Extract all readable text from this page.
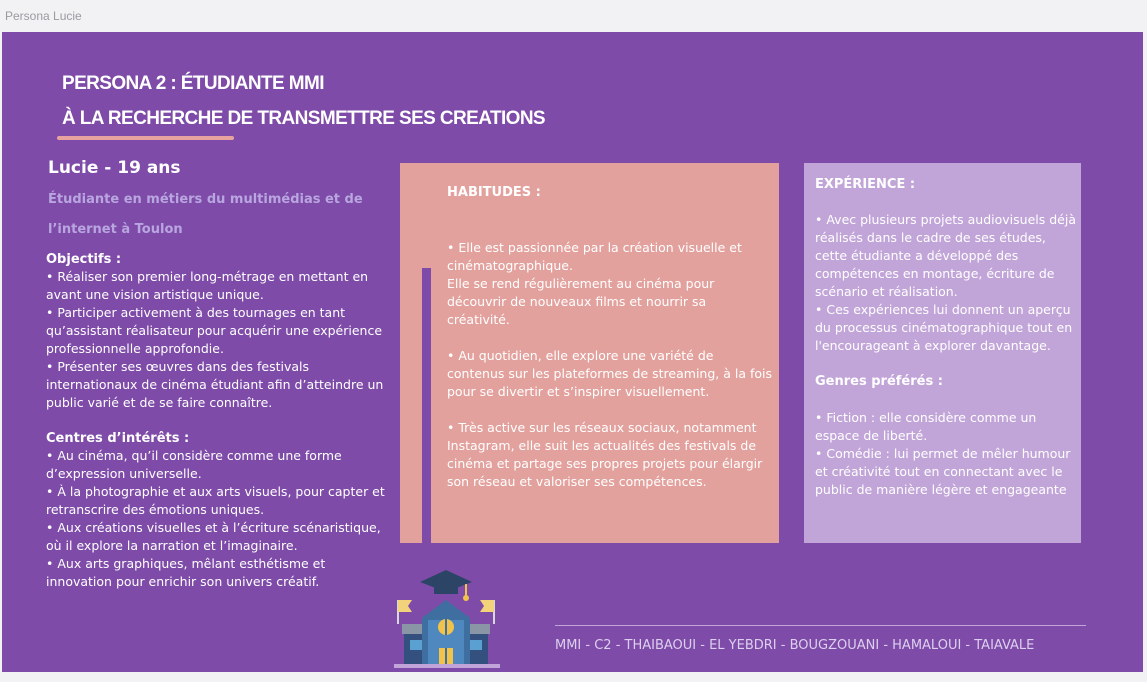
Persona Lucie
PERSONA 2 : ÉTUDIANTE MMI
À LA RECHERCHE DE TRANSMETTRE SES CREATIONS
Lucie - 19 ans
Étudiante en métiers du multimédias et de
l’internet à Toulon
Objectifs :
• Réaliser son premier long-métrage en mettant en avant une vision artistique unique.
• Participer activement à des tournages en tant qu’assistant réalisateur pour acquérir une expérience professionnelle approfondie.
• Présenter ses œuvres dans des festivals internationaux de cinéma étudiant afin d’atteindre un public varié et de se faire connaître.
Centres d’intérêts :
• Au cinéma, qu’il considère comme une forme d’expression universelle.
• À la photographie et aux arts visuels, pour capter et retranscrire des émotions uniques.
• Aux créations visuelles et à l’écriture scénaristique, où il explore la narration et l’imaginaire.
• Aux arts graphiques, mêlant esthétisme et innovation pour enrichir son univers créatif.
HABITUDES :
• Elle est passionnée par la création visuelle et cinématographique.
Elle se rend régulièrement au cinéma pour découvrir de nouveaux films et nourrir sa créativité.
• Au quotidien, elle explore une variété de contenus sur les plateformes de streaming, à la fois pour se divertir et s’inspirer visuellement.
• Très active sur les réseaux sociaux, notamment Instagram, elle suit les actualités des festivals de cinéma et partage ses propres projets pour élargir son réseau et valoriser ses compétences.
EXPÉRIENCE :
• Avec plusieurs projets audiovisuels déjà réalisés dans le cadre de ses études, cette étudiante a développé des compétences en montage, écriture de scénario et réalisation.
• Ces expériences lui donnent un aperçu du processus cinématographique tout en l'encourageant à explorer davantage.
Genres préférés :
• Fiction : elle considère comme un espace de liberté.
• Comédie : lui permet de mêler humour et créativité tout en connectant avec le public de manière légère et engageante
MMI - C2 - THAIBAOUI - EL YEBDRI - BOUGZOUANI - HAMALOUI - TAIAVALE
